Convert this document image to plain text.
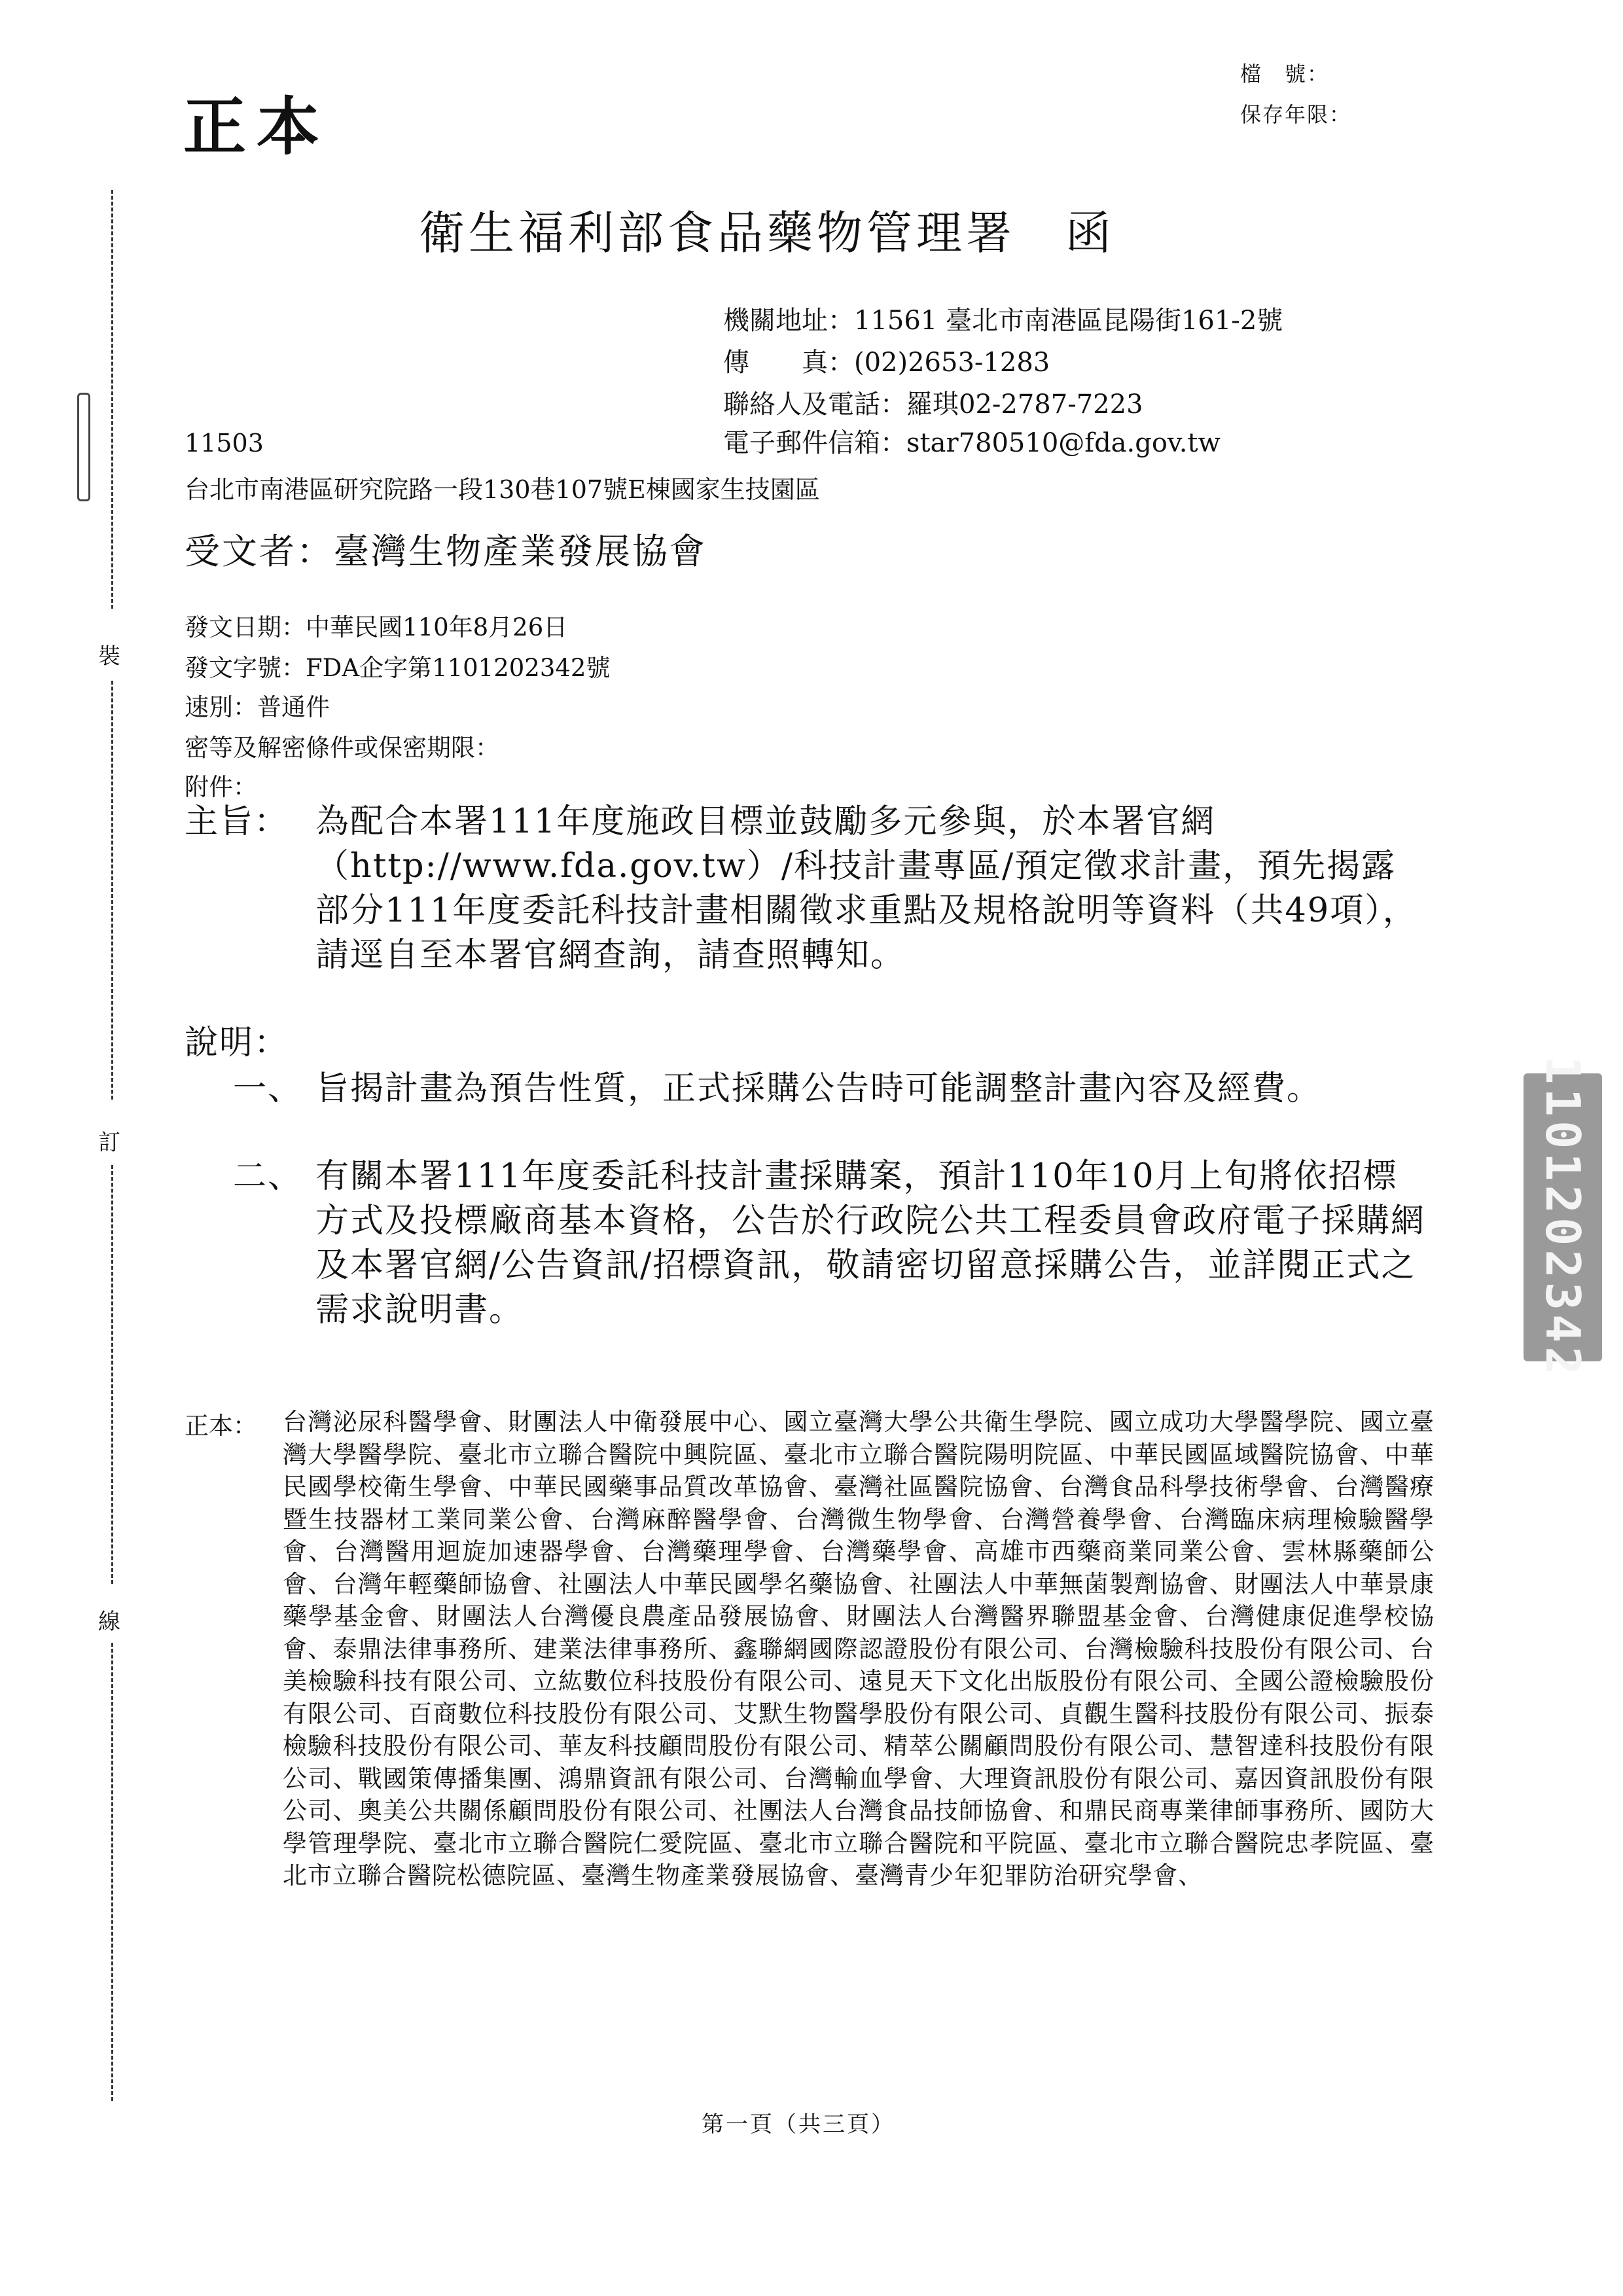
正本
檔　號：
保存年限：
衛生福利部食品藥物管理署　函
機關地址：11561 臺北市南港區昆陽街161-2號
傳　　真：(02)2653-1283
聯絡人及電話：羅琪02-2787-7223
電子郵件信箱：star780510@fda.gov.tw
11503
台北市南港區研究院路一段130巷107號E棟國家生技園區
受文者：臺灣生物產業發展協會
發文日期：中華民國110年8月26日
發文字號：FDA企字第1101202342號
速別：普通件
密等及解密條件或保密期限：
附件：
主旨： 為配合本署111年度施政目標並鼓勵多元參與，於本署官網（http://www.fda.gov.tw）/科技計畫專區/預定徵求計畫，預先揭露部分111年度委託科技計畫相關徵求重點及規格說明等資料（共49項），請逕自至本署官網查詢，請查照轉知。
說明：
一、 旨揭計畫為預告性質，正式採購公告時可能調整計畫內容及經費。
二、 有關本署111年度委託科技計畫採購案，預計110年10月上旬將依招標方式及投標廠商基本資格，公告於行政院公共工程委員會政府電子採購網及本署官網/公告資訊/招標資訊，敬請密切留意採購公告，並詳閱正式之需求說明書。
正本： 台灣泌尿科醫學會、財團法人中衛發展中心、國立臺灣大學公共衛生學院、國立成功大學醫學院、國立臺灣大學醫學院、臺北市立聯合醫院中興院區、臺北市立聯合醫院陽明院區、中華民國區域醫院協會、中華民國學校衛生學會、中華民國藥事品質改革協會、臺灣社區醫院協會、台灣食品科學技術學會、台灣醫療暨生技器材工業同業公會、台灣麻醉醫學會、台灣微生物學會、台灣營養學會、台灣臨床病理檢驗醫學會、台灣醫用迴旋加速器學會、台灣藥理學會、台灣藥學會、高雄市西藥商業同業公會、雲林縣藥師公會、台灣年輕藥師協會、社團法人中華民國學名藥協會、社團法人中華無菌製劑協會、財團法人中華景康藥學基金會、財團法人台灣優良農產品發展協會、財團法人台灣醫界聯盟基金會、台灣健康促進學校協會、泰鼎法律事務所、建業法律事務所、鑫聯網國際認證股份有限公司、台灣檢驗科技股份有限公司、台美檢驗科技有限公司、立紘數位科技股份有限公司、遠見天下文化出版股份有限公司、全國公證檢驗股份有限公司、百商數位科技股份有限公司、艾默生物醫學股份有限公司、貞觀生醫科技股份有限公司、振泰檢驗科技股份有限公司、華友科技顧問股份有限公司、精萃公關顧問股份有限公司、慧智達科技股份有限公司、戰國策傳播集團、鴻鼎資訊有限公司、台灣輸血學會、大理資訊股份有限公司、嘉因資訊股份有限公司、奧美公共關係顧問股份有限公司、社團法人台灣食品技師協會、和鼎民商專業律師事務所、國防大學管理學院、臺北市立聯合醫院仁愛院區、臺北市立聯合醫院和平院區、臺北市立聯合醫院忠孝院區、臺北市立聯合醫院松德院區、臺灣生物產業發展協會、臺灣青少年犯罪防治研究學會、
裝
訂
線
1101202342
第一頁（共三頁）
